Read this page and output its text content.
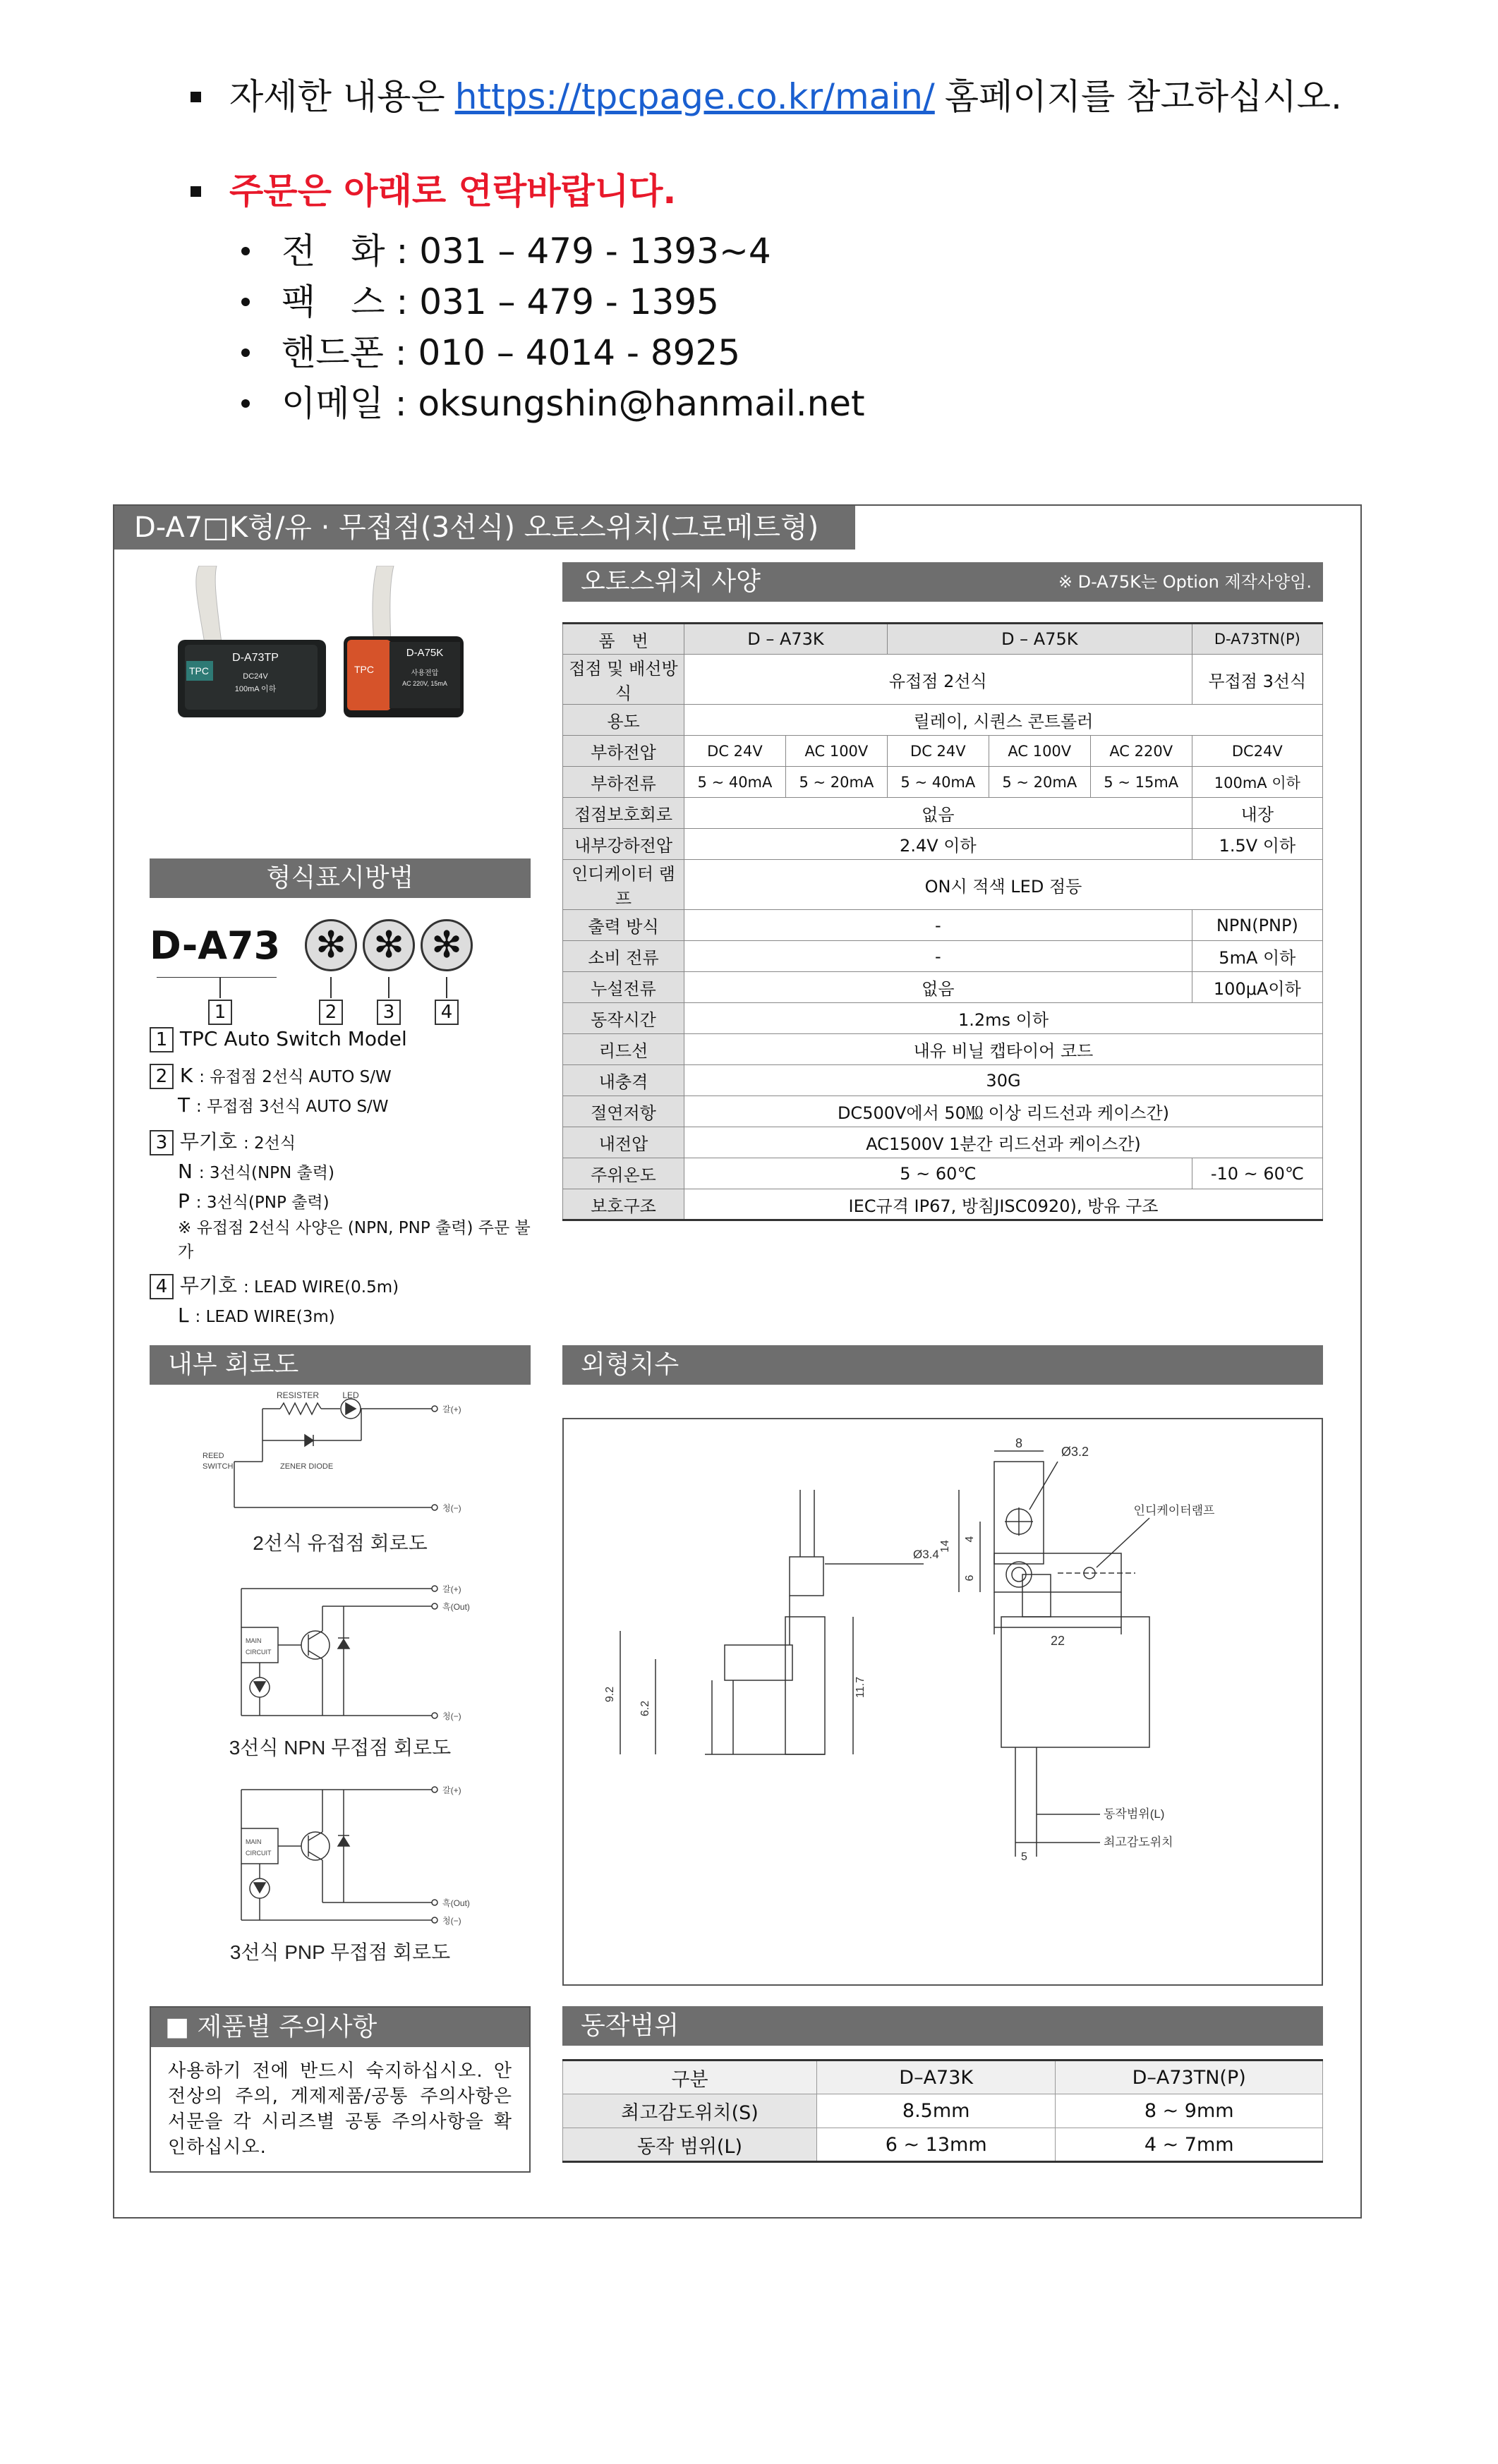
자세한 내용은 https://tpcpage.co.kr/main/ 홈페이지를 참고하십시오.
주문은 아래로 연락바랍니다.
전　화 : 031 – 479 - 1393~4
팩　스 : 031 – 479 - 1395
핸드폰 : 010 – 4014 - 8925
이메일 : oksungshin@hanmail.net
D-A7□K형/유 · 무접점(3선식) 오토스위치(그로메트형)
TPC
D-A73TP
DC24V
100mA 이하
TPC
D-A75K
사용전압
AC 220V, 15mA
형식표시방법
D-A73 ✻ ✻ ✻
1	2	3	4
1 TPC Auto Switch Model
2 K : 유접점 2선식 AUTO S/W
T : 무접점 3선식 AUTO S/W
3 무기호 : 2선식
N : 3선식(NPN 출력)
P : 3선식(PNP 출력)
※ 유접점 2선식 사양은 (NPN, PNP 출력) 주문 불가
4 무기호 : LEAD WIRE(0.5m)
L : LEAD WIRE(3m)
오토스위치 사양	※ D-A75K는 Option 제작사양임.
품　번	D – A73K		D – A75K			D-A73TN(P)
접점 및 배선방식	유접점 2선식					무접점 3선식
용도	릴레이, 시퀀스 콘트롤러					
부하전압	DC 24V	AC 100V	DC 24V	AC 100V	AC 220V	DC24V
부하전류	5 ~ 40mA	5 ~ 20mA	5 ~ 40mA	5 ~ 20mA	5 ~ 15mA	100mA 이하
접점보호회로	없음					내장
내부강하전압	2.4V 이하					1.5V 이하
인디케이터 램프	ON시 적색 LED 점등					
출력 방식	-					NPN(PNP)
소비 전류	-					5mA 이하
누설전류	없음					100μA이하
동작시간	1.2ms 이하					
리드선	내유 비닐 캡타이어 코드					
내충격	30G					
절연저항	DC500V에서 50㏁ 이상 리드선과 케이스간)					
내전압	AC1500V 1분간 리드선과 케이스간)					
주위온도	5 ~ 60℃					-10 ~ 60℃
보호구조	IEC규격 IP67, 방침JISC0920), 방유 구조					
내부 회로도
RESISTER	LED
REED
SWITCH	ZENER DIODE
갈(+)
청(−)
2선식 유접점 회로도
MAIN
CIRCUIT
갈(+)
흑(Out)
청(−)
3선식 NPN 무접점 회로도
MAIN
CIRCUIT
갈(+)
흑(Out)
청(−)
3선식 PNP 무접점 회로도
외형치수
8
Ø3.2
14
4
6
22
인디케이터램프
Ø3.4
9.2
6.2
11.7
동작범위(L)
5
최고감도위치
■ 제품별 주의사항
사용하기 전에 반드시 숙지하십시오. 안전상의 주의, 게제제품/공통 주의사항은 서문을 각 시리즈별 공통 주의사항을 확인하십시오.
동작범위
구분	D–A73K	D–A73TN(P)
최고감도위치(S)	8.5mm	8 ~ 9mm
동작 범위(L)	6 ~ 13mm	4 ~ 7mm
